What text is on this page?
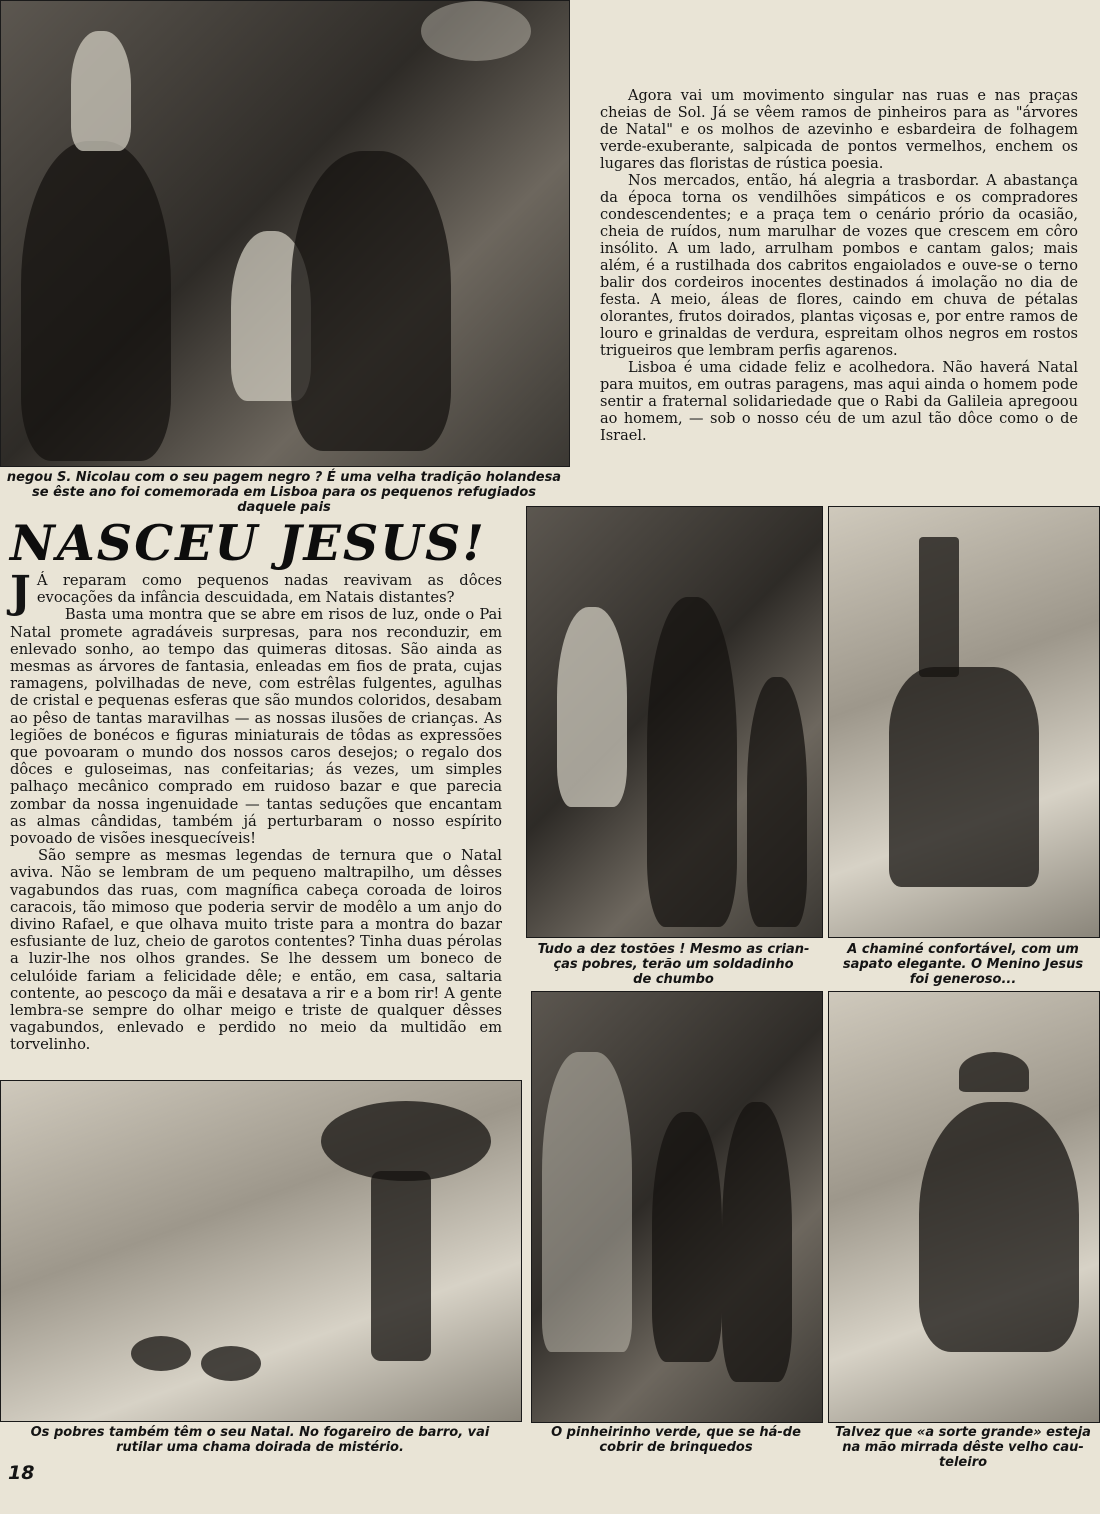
negou S. Nicolau com o seu pagem negro ? É uma velha tradição holandesa
se êste ano foi comemorada em Lisboa para os pequenos refugiados
daquele pais

Agora vai um movimento singular nas ruas e nas praças cheias de Sol. Já se vêem ramos de pinheiros para as "árvores de Natal" e os molhos de azevinho e esbardeira de folhagem verde-exuberante, salpicada de pontos vermelhos, enchem os lugares das floristas de rústica poesia.

Nos mercados, então, há alegria a trasbordar. A abastança da época torna os vendilhões simpáticos e os compradores condescendentes; e a praça tem o cenário prório da ocasião, cheia de ruídos, num marulhar de vozes que crescem em côro insólito. A um lado, arrulham pombos e cantam galos; mais além, é a rustilhada dos cabritos engaiolados e ouve-se o terno balir dos cordeiros inocentes destinados á imolação no dia de festa. A meio, áleas de flores, caindo em chuva de pétalas olorantes, frutos doirados, plantas viçosas e, por entre ramos de louro e grinaldas de verdura, espreitam olhos negros em rostos trigueiros que lembram perfis agarenos.

Lisboa é uma cidade feliz e acolhedora. Não haverá Natal para muitos, em outras paragens, mas aqui ainda o homem pode sentir a fraternal solidariedade que o Rabi da Galileia apregoou ao homem, — sob o nosso céu de um azul tão dôce como o de Israel.

NASCEU JESUS!

J Á reparam como pequenos nadas reavivam as dôces evocações da infância descuidada, em Natais distantes?

Basta uma montra que se abre em risos de luz, onde o Pai Natal promete agradáveis surpresas, para nos reconduzir, em enlevado sonho, ao tempo das quimeras ditosas. São ainda as mesmas as árvores de fantasia, enleadas em fios de prata, cujas ramagens, polvilhadas de neve, com estrêlas fulgentes, agulhas de cristal e pequenas esferas que são mundos coloridos, desabam ao pêso de tantas maravilhas — as nossas ilusões de crianças. As legiões de bonécos e figuras miniaturais de tôdas as expressões que povoaram o mundo dos nossos caros desejos; o regalo dos dôces e guloseimas, nas confeitarias; ás vezes, um simples palhaço mecânico comprado em ruidoso bazar e que parecia zombar da nossa ingenuidade — tantas seduções que encantam as almas cândidas, também já perturbaram o nosso espírito povoado de visões inesquecíveis!

São sempre as mesmas legendas de ternura que o Natal aviva. Não se lembram de um pequeno maltrapilho, um dêsses vagabundos das ruas, com magnífica cabeça coroada de loiros caracois, tão mimoso que poderia servir de modêlo a um anjo do divino Rafael, e que olhava muito triste para a montra do bazar esfusiante de luz, cheio de garotos contentes? Tinha duas pérolas a luzir-lhe nos olhos grandes. Se lhe dessem um boneco de celulóide fariam a felicidade dêle; e então, em casa, saltaria contente, ao pescoço da mãi e desatava a rir e a bom rir! A gente lembra-se sempre do olhar meigo e triste de qualquer dêsses vagabundos, enlevado e perdido no meio da multidão em torvelinho.

Tudo a dez tostões ! Mesmo as crian-
ças pobres, terão um soldadinho
de chumbo
A chaminé confortável, com um
sapato elegante. O Menino Jesus
foi generoso...
Os pobres também têm o seu Natal. No fogareiro de barro, vai
rutilar uma chama doirada de mistério.
O pinheirinho verde, que se há-de
cobrir de brinquedos
Talvez que «a sorte grande» esteja
na mão mirrada dêste velho cau-
teleiro
18
